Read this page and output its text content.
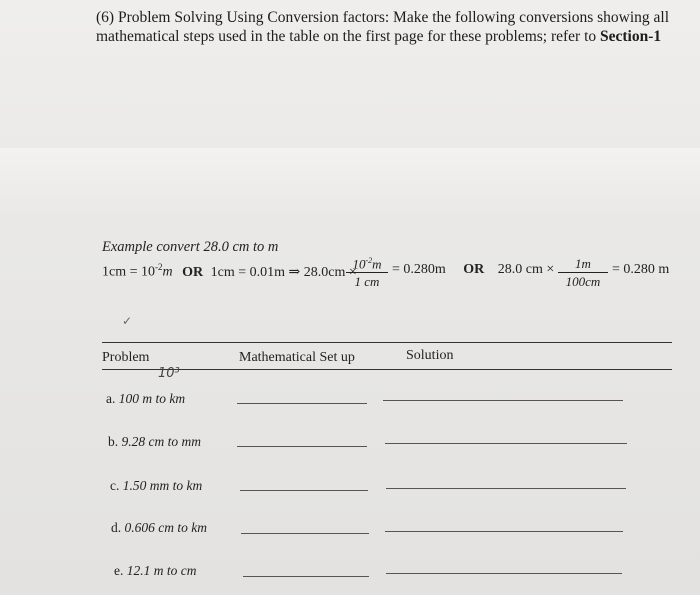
(6) Problem Solving Using Conversion factors: Make the following conversions showing all
mathematical steps used in the table on the first page for these problems; refer to Section-1
Example convert 28.0 cm to m
$1cm = 10^{-2}m$ OR 1cm = 0.01m ⇒ 28.0cm ×
$\frac{10^{-2}m}{1 cm} = 0.280m$ OR 28.0 cm × $\frac{1m}{100cm} = 0.280$ m
✓
Problem	Mathematical Set up	Solution
10³
a. 100 m to km
b. 9.28 cm to mm
c. 1.50 mm to km
d. 0.606 cm to km
e. 12.1 m to cm
